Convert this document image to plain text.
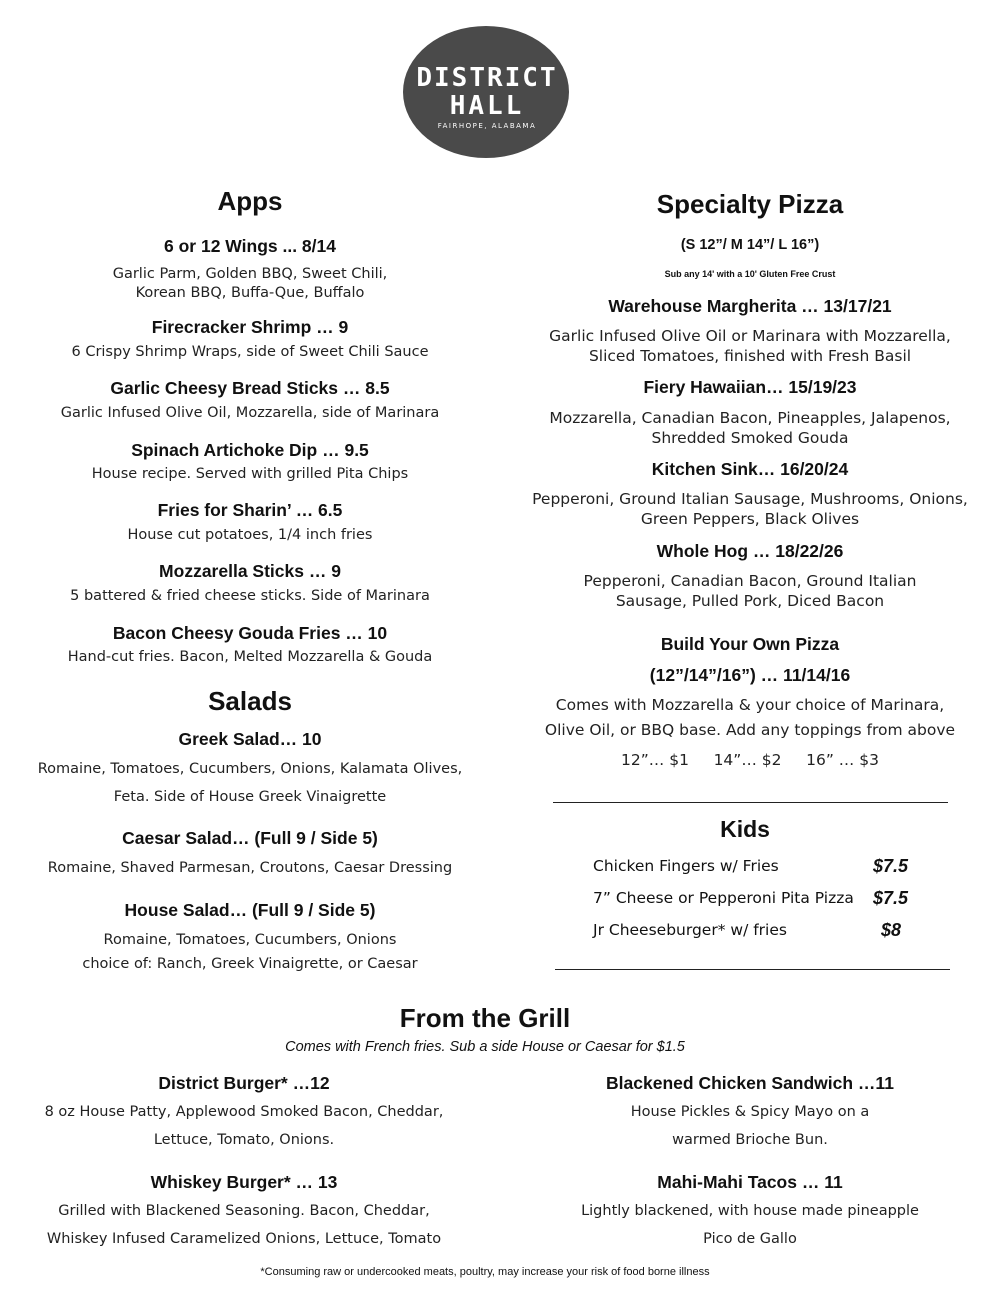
DISTRICT
HALL
FAIRHOPE, ALABAMA
Apps
6 or 12 Wings ... 8/14
Garlic Parm, Golden BBQ, Sweet Chili,
Korean BBQ, Buffa-Que, Buffalo
Firecracker Shrimp … 9
6 Crispy Shrimp Wraps, side of Sweet Chili Sauce
Garlic Cheesy Bread Sticks … 8.5
Garlic Infused Olive Oil, Mozzarella, side of Marinara
Spinach Artichoke Dip … 9.5
House recipe. Served with grilled Pita Chips
Fries for Sharin’ … 6.5
House cut potatoes, 1/4 inch fries
Mozzarella Sticks … 9
5 battered & fried cheese sticks. Side of Marinara
Bacon Cheesy Gouda Fries … 10
Hand-cut fries. Bacon, Melted Mozzarella & Gouda
Salads
Greek Salad… 10
Romaine, Tomatoes, Cucumbers, Onions, Kalamata Olives,
Feta. Side of House Greek Vinaigrette
Caesar Salad… (Full 9 / Side 5)
Romaine, Shaved Parmesan, Croutons, Caesar Dressing
House Salad… (Full 9 / Side 5)
Romaine, Tomatoes, Cucumbers, Onions
choice of: Ranch, Greek Vinaigrette, or Caesar
Specialty Pizza
(S 12”/ M 14”/ L 16”)
Sub any 14' with a 10' Gluten Free Crust
Warehouse Margherita … 13/17/21
Garlic Infused Olive Oil or Marinara with Mozzarella,
Sliced Tomatoes, finished with Fresh Basil
Fiery Hawaiian… 15/19/23
Mozzarella, Canadian Bacon, Pineapples, Jalapenos,
Shredded Smoked Gouda
Kitchen Sink… 16/20/24
Pepperoni, Ground Italian Sausage, Mushrooms, Onions,
Green Peppers, Black Olives
Whole Hog … 18/22/26
Pepperoni, Canadian Bacon, Ground Italian
Sausage, Pulled Pork, Diced Bacon
Build Your Own Pizza
(12”/14”/16”) … 11/14/16
Comes with Mozzarella & your choice of Marinara,
Olive Oil, or BBQ base. Add any toppings from above
12”… $1     14”… $2     16” … $3
Kids
Chicken Fingers w/ Fries	$7.5
7” Cheese or Pepperoni Pita Pizza $7.5
Jr Cheeseburger* w/ fries	$8
From the Grill
Comes with French fries. Sub a side House or Caesar for $1.5
District Burger* …12
8 oz House Patty, Applewood Smoked Bacon, Cheddar,
Lettuce, Tomato, Onions.
Whiskey Burger* … 13
Grilled with Blackened Seasoning. Bacon, Cheddar,
Whiskey Infused Caramelized Onions, Lettuce, Tomato
Blackened Chicken Sandwich …11
House Pickles & Spicy Mayo on a
warmed Brioche Bun.
Mahi-Mahi Tacos … 11
Lightly blackened, with house made pineapple
Pico de Gallo
*Consuming raw or undercooked meats, poultry, may increase your risk of food borne illness
